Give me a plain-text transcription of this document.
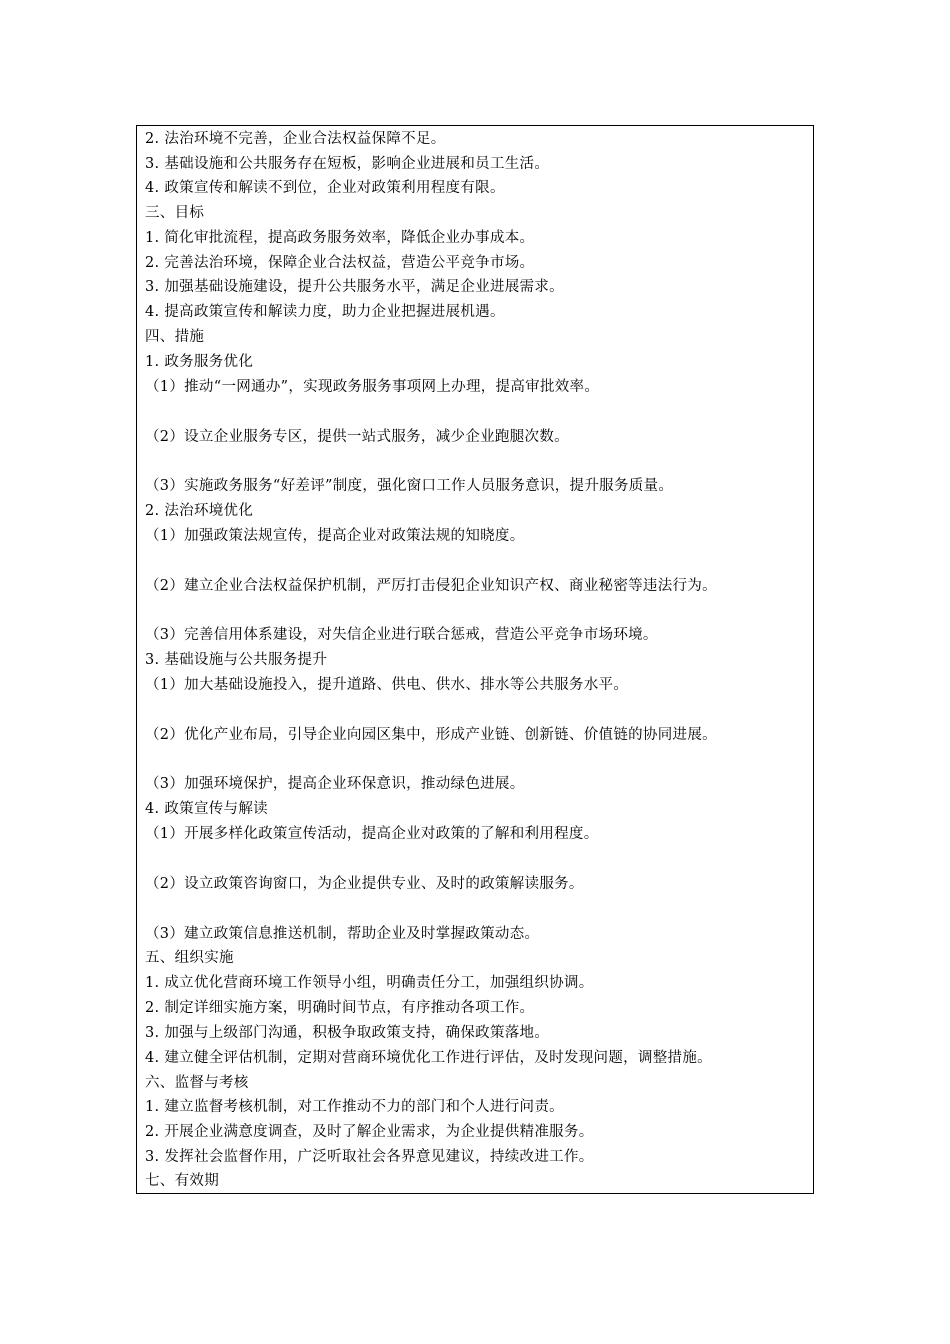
2. 法治环境不完善，企业合法权益保障不足。
3. 基础设施和公共服务存在短板，影响企业进展和员工生活。
4. 政策宣传和解读不到位，企业对政策利用程度有限。
三、目标
1. 简化审批流程，提高政务服务效率，降低企业办事成本。
2. 完善法治环境，保障企业合法权益，营造公平竞争市场。
3. 加强基础设施建设，提升公共服务水平，满足企业进展需求。
4. 提高政策宣传和解读力度，助力企业把握进展机遇。
四、措施
1. 政务服务优化
（1）推动“一网通办”，实现政务服务事项网上办理，提高审批效率。
（2）设立企业服务专区，提供一站式服务，减少企业跑腿次数。
（3）实施政务服务“好差评”制度，强化窗口工作人员服务意识，提升服务质量。
2. 法治环境优化
（1）加强政策法规宣传，提高企业对政策法规的知晓度。
（2）建立企业合法权益保护机制，严厉打击侵犯企业知识产权、商业秘密等违法行为。
（3）完善信用体系建设，对失信企业进行联合惩戒，营造公平竞争市场环境。
3. 基础设施与公共服务提升
（1）加大基础设施投入，提升道路、供电、供水、排水等公共服务水平。
（2）优化产业布局，引导企业向园区集中，形成产业链、创新链、价值链的协同进展。
（3）加强环境保护，提高企业环保意识，推动绿色进展。
4. 政策宣传与解读
（1）开展多样化政策宣传活动，提高企业对政策的了解和利用程度。
（2）设立政策咨询窗口，为企业提供专业、及时的政策解读服务。
（3）建立政策信息推送机制，帮助企业及时掌握政策动态。
五、组织实施
1. 成立优化营商环境工作领导小组，明确责任分工，加强组织协调。
2. 制定详细实施方案，明确时间节点，有序推动各项工作。
3. 加强与上级部门沟通，积极争取政策支持，确保政策落地。
4. 建立健全评估机制，定期对营商环境优化工作进行评估，及时发现问题，调整措施。
六、监督与考核
1. 建立监督考核机制，对工作推动不力的部门和个人进行问责。
2. 开展企业满意度调查，及时了解企业需求，为企业提供精准服务。
3. 发挥社会监督作用，广泛听取社会各界意见建议，持续改进工作。
七、有效期
